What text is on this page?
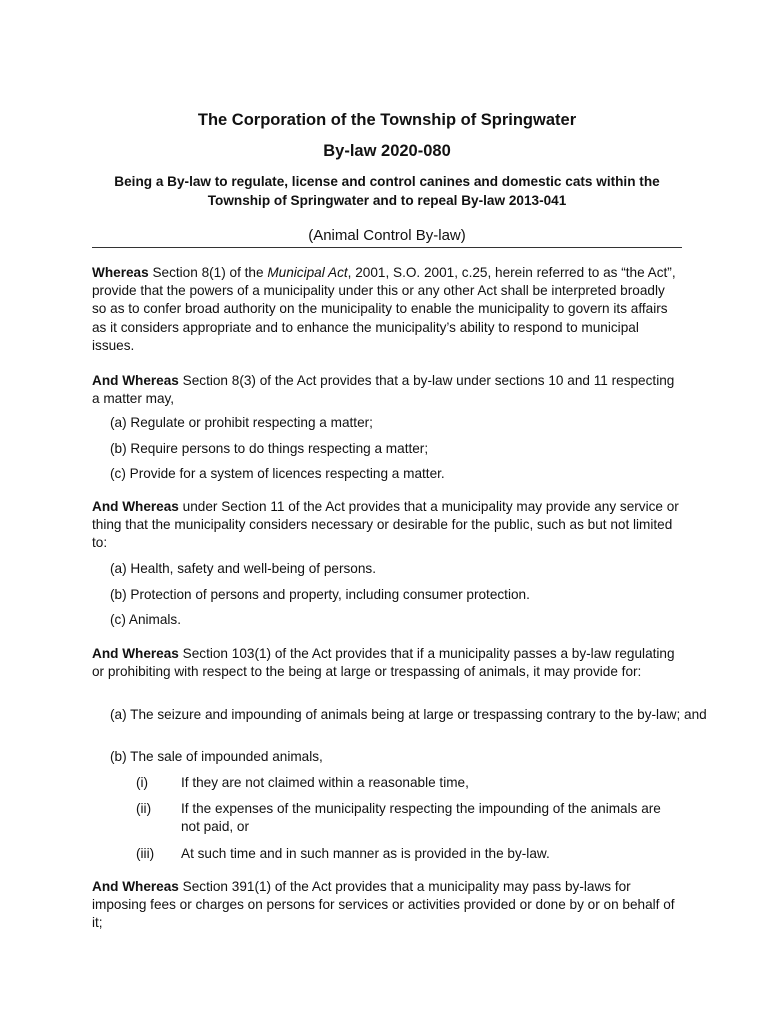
The Corporation of the Township of Springwater
By-law 2020-080

Being a By-law to regulate, license and control canines and domestic cats within the Township of Springwater and to repeal By-law 2013-041

(Animal Control By-law)

Whereas Section 8(1) of the Municipal Act, 2001, S.O. 2001, c.25, herein referred to as “the Act”, provide that the powers of a municipality under this or any other Act shall be interpreted broadly so as to confer broad authority on the municipality to enable the municipality to govern its affairs as it considers appropriate and to enhance the municipality’s ability to respond to municipal issues.

And Whereas Section 8(3) of the Act provides that a by-law under sections 10 and 11 respecting a matter may,

(a) Regulate or prohibit respecting a matter;

(b) Require persons to do things respecting a matter;

(c) Provide for a system of licences respecting a matter.

And Whereas under Section 11 of the Act provides that a municipality may provide any service or thing that the municipality considers necessary or desirable for the public, such as but not limited to:

(a) Health, safety and well-being of persons.

(b) Protection of persons and property, including consumer protection.

(c) Animals.

And Whereas Section 103(1) of the Act provides that if a municipality passes a by-law regulating or prohibiting with respect to the being at large or trespassing of animals, it may provide for:

(a) The seizure and impounding of animals being at large or trespassing contrary to the by-law; and

(b) The sale of impounded animals,

(i)	If they are not claimed within a reasonable time,

(ii)	If the expenses of the municipality respecting the impounding of the animals are not paid, or

(iii)	At such time and in such manner as is provided in the by-law.

And Whereas Section 391(1) of the Act provides that a municipality may pass by-laws for imposing fees or charges on persons for services or activities provided or done by or on behalf of it;
